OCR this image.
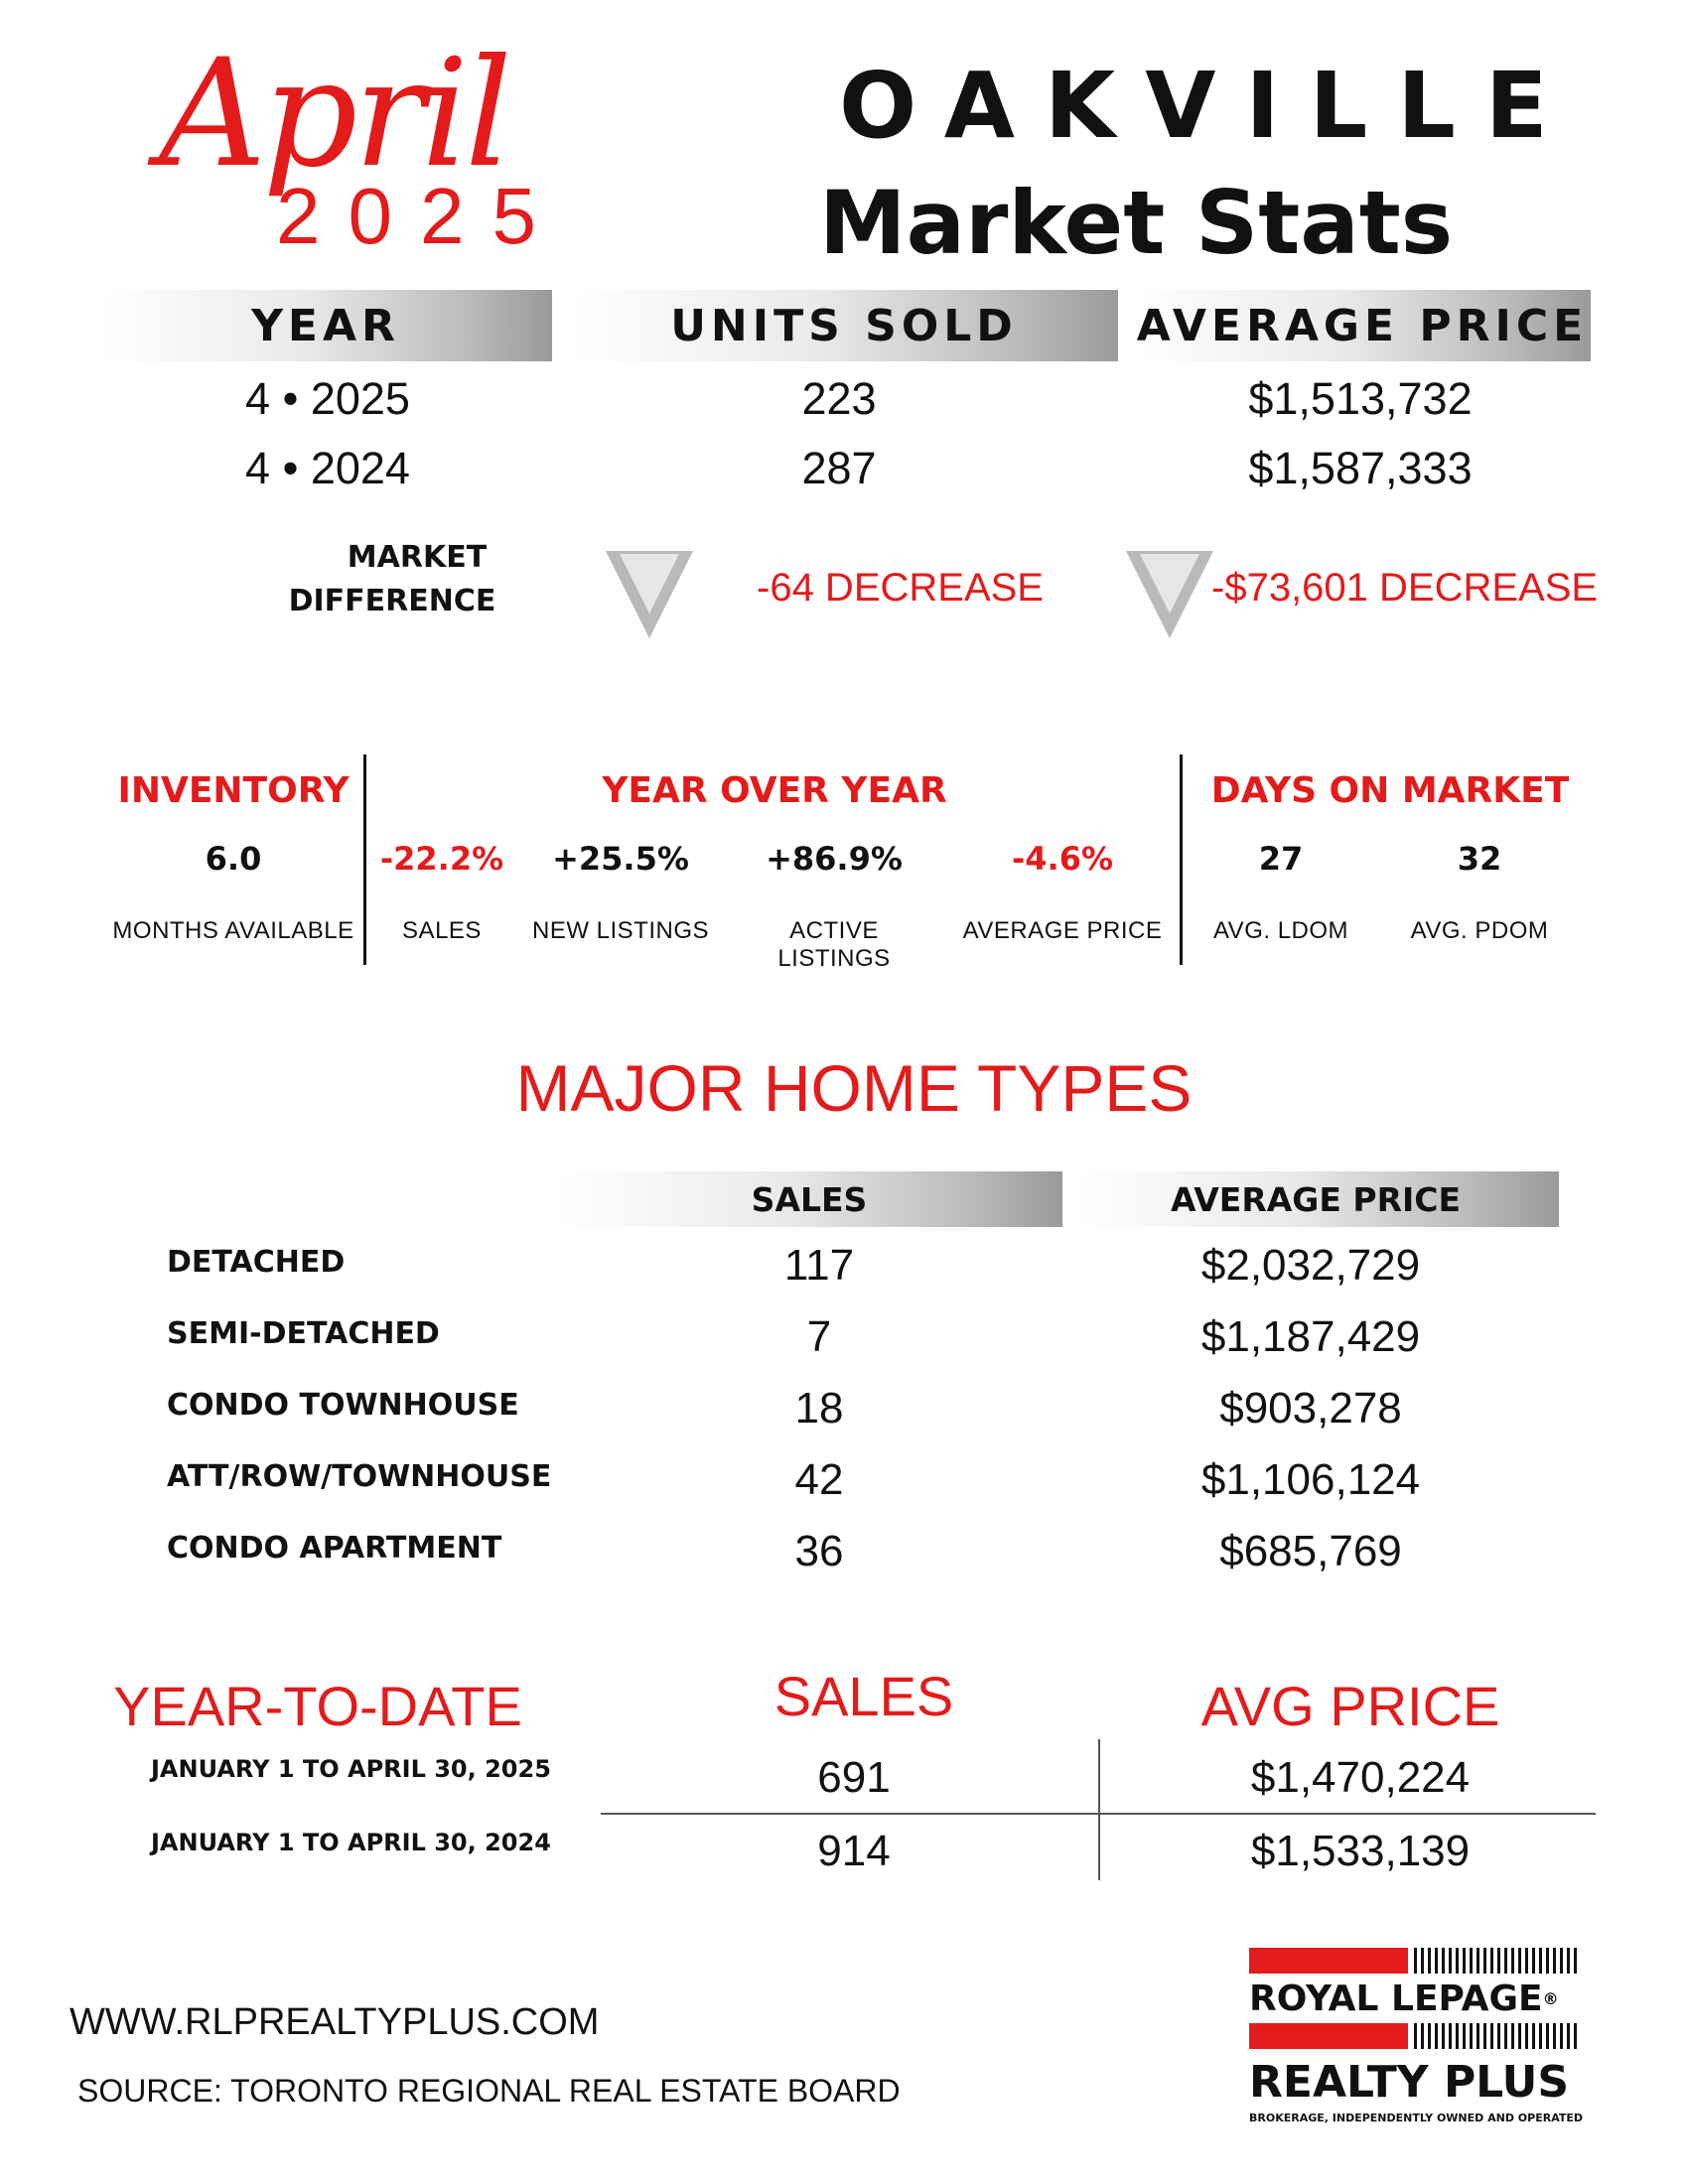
April
2025
OAKVILLE
Market Stats
YEAR	UNITS SOLD	AVERAGE PRICE
4 • 2025	223	$1,513,732
4 • 2024	287	$1,587,333
MARKET
DIFFERENCE	-64 DECREASE	-$73,601 DECREASE
INVENTORY
6.0
MONTHS AVAILABLE
YEAR OVER YEAR
-22.2%
SALES
+25.5%
NEW LISTINGS
+86.9%
ACTIVE LISTINGS
-4.6%
AVERAGE PRICE
DAYS ON MARKET
27
AVG. LDOM
32
AVG. PDOM
MAJOR HOME TYPES
SALES	AVERAGE PRICE
DETACHED	117	$2,032,729
SEMI-DETACHED	7	$1,187,429
CONDO TOWNHOUSE	18	$903,278
ATT/ROW/TOWNHOUSE	42	$1,106,124
CONDO APARTMENT	36	$685,769
YEAR-TO-DATE	SALES	AVG PRICE
JANUARY 1 TO APRIL 30, 2025	691	$1,470,224
JANUARY 1 TO APRIL 30, 2024	914	$1,533,139
WWW.RLPREALTYPLUS.COM
SOURCE: TORONTO REGIONAL REAL ESTATE BOARD
ROYAL LEPAGE®
REALTY PLUS
BROKERAGE, INDEPENDENTLY OWNED AND OPERATED
